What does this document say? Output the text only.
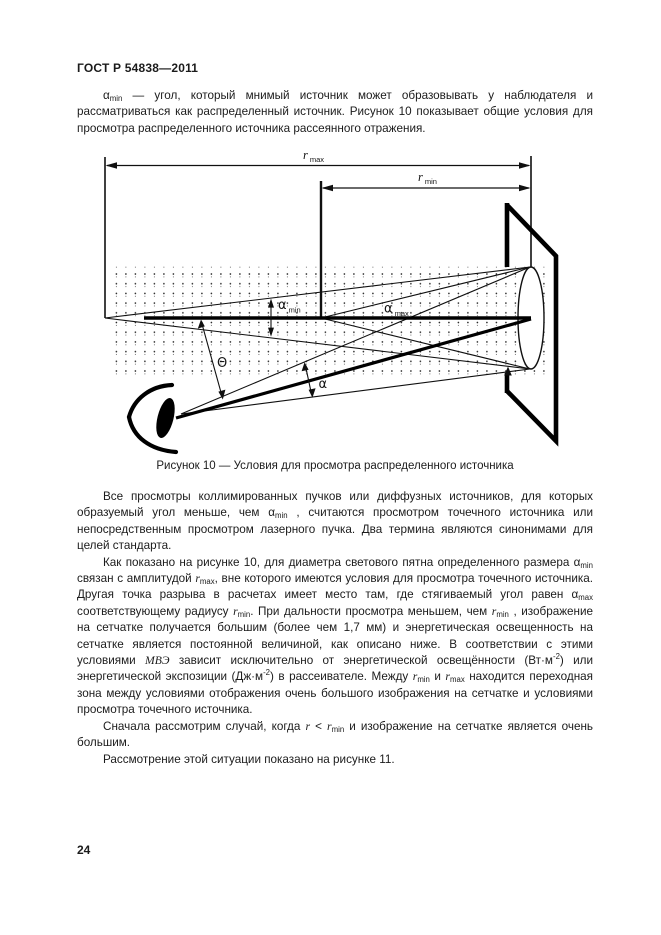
ГОСТ Р 54838—2011

$\alpha_{min}$ — угол, который мнимый источник может образовывать у наблюдателя и рассматриваться как распределенный источник. Рисунок 10 показывает общие условия для просмотра распределенного источника рассеянного отражения.

rmax
rmin
Θ
α $_{min}$	α $_{max}$
α
Рисунок 10 — Условия для просмотра распределенного источника

Все просмотры коллимированных пучков или диффузных источников, для которых образуемый угол меньше, чем $\alpha_{min}$ , считаются просмотром точечного источника или непосредственным просмотром лазерного пучка. Два термина являются синонимами для целей стандарта.

Как показано на рисунке 10, для диаметра светового пятна определенного размера $\alpha_{min}$ связан с амплитудой $r_{max}$, вне которого имеются условия для просмотра точечного источника. Другая точка разрыва в расчетах имеет место там, где стягиваемый угол равен $\alpha_{max}$ соответствующему радиусу $r_{min}$. При дальности просмотра меньшем, чем $r_{min}$ , изображение на сетчатке получается большим (более чем 1,7 мм) и энергетическая освещенность на сетчатке является постоянной величиной, как описано ниже. В соответствии с этими условиями МВЭ зависит исключительно от энергетической освещённости $(Вт\cdot м^{-2})$ или энергетической экспозиции $(Дж\cdot м^{-2})$ в рассеивателе. Между $r_{min}$ и $r_{max}$ находится переходная зона между условиями отображения очень большого изображения на сетчатке и условиями просмотра точечного источника.

Сначала рассмотрим случай, когда $r < r_{min}$ и изображение на сетчатке является очень большим.

Рассмотрение этой ситуации показано на рисунке 11.

24
